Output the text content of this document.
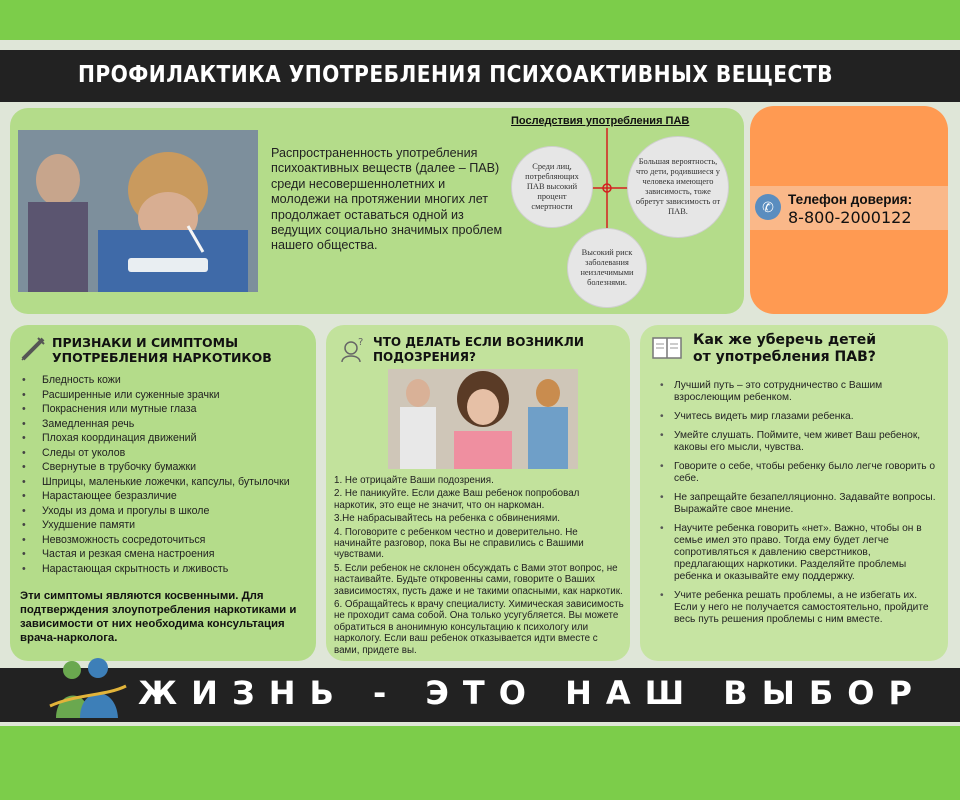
ПРОФИЛАКТИКА УПОТРЕБЛЕНИЯ ПСИХОАКТИВНЫХ ВЕЩЕСТВ
Распространенность употребления психоактивных веществ (далее – ПАВ) среди несовершеннолетних и молодежи на протяжении многих лет продолжает оставаться одной из ведущих социально значимых проблем нашего общества.
Последствия употребления ПАВ
Среди лиц, потребляющих ПАВ высокий процент смертности
Большая вероятность, что дети, родившиеся у человека имеющего зависимость, тоже обретут зависимость от ПАВ.
Высокий риск заболевания неизлечимыми болезнями.
✆	Телефон доверия:
8-800-2000122
ПРИЗНАКИ И СИМПТОМЫ
УПОТРЕБЛЕНИЯ НАРКОТИКОВ
• Бледность кожи
• Расширенные или суженные зрачки
• Покраснения или мутные глаза
• Замедленная речь
• Плохая координация движений
• Следы от уколов
• Свернутые в трубочку бумажки
• Шприцы, маленькие ложечки, капсулы, бутылочки
• Нарастающее безразличие
• Уходы из дома и прогулы в школе
• Ухудшение памяти
• Невозможность сосредоточиться
• Частая и резкая смена настроения
• Нарастающая скрытность и лживость
Эти симптомы являются косвенными. Для подтверждения злоупотребления наркотиками и зависимости от них необходима консультация врача-нарколога.
? ЧТО ДЕЛАТЬ ЕСЛИ ВОЗНИКЛИ
ПОДОЗРЕНИЯ?
1. Не отрицайте Ваши подозрения.
2. Не паникуйте. Если даже Ваш ребенок попробовал наркотик, это еще не значит, что он наркоман.
3.Не набрасывайтесь на ребенка с обвинениями.
4. Поговорите с ребенком честно и доверительно. Не начинайте разговор, пока Вы не справились с Вашими чувствами.
5. Если ребенок не склонен обсуждать с Вами этот вопрос, не настаивайте. Будьте откровенны сами, говорите о Ваших зависимостях, пусть даже и не такими опасными, как наркотик.
6. Обращайтесь к врачу специалисту. Химическая зависимость не проходит сама собой. Она только усугубляется. Вы можете обратиться в анонимную консультацию к психологу или наркологу. Если ваш ребенок отказывается идти вместе с вами, придете вы.
Как же уберечь детей
от употребления ПАВ?
• Лучший путь – это сотрудничество с Вашим взрослеющим ребенком.
• Учитесь видеть мир глазами ребенка.
• Умейте слушать. Поймите, чем живет Ваш ребенок, каковы его мысли, чувства.
• Говорите о себе, чтобы ребенку было легче говорить о себе.
• Не запрещайте безапелляционно. Задавайте вопросы. Выражайте свое мнение.
• Научите ребенка говорить «нет». Важно, чтобы он в семье имел это право. Тогда ему будет легче сопротивляться к давлению сверстников, предлагающих наркотики. Разделяйте проблемы ребенка и оказывайте ему поддержку.
• Учите ребенка решать проблемы, а не избегать их. Если у него не получается самостоятельно, пройдите весь путь решения проблемы с ним вместе.
ЖИЗНЬ - ЭТО НАШ ВЫБОР
